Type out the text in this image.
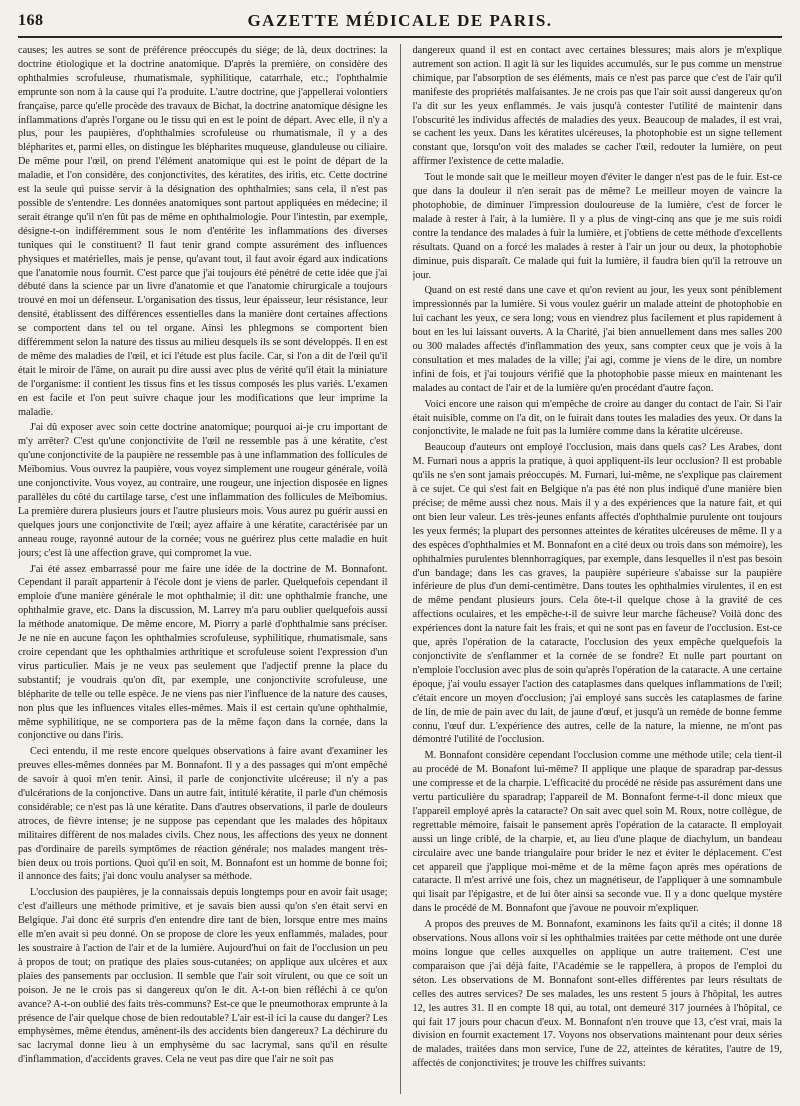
168	GAZETTE MÉDICALE DE PARIS.

causes; les autres se sont de préférence préoccupés du siége; de là, deux doctrines: la doctrine étiologique et la doctrine anatomique. D'après la première, on considère des ophthalmies scrofuleuse, rhumatismale, syphilitique, catarrhale, etc.; l'ophthalmie emprunte son nom à la cause qui l'a produite. L'autre doctrine, que j'appellerai volontiers française, parce qu'elle procède des travaux de Bichat, la doctrine anatomique désigne les inflammations d'après l'organe ou le tissu qui en est le point de départ. Avec elle, il n'y a plus, pour les paupières, d'ophthalmies scrofuleuse ou rhumatismale, il y a des blépharites et, parmi elles, on distingue les blépharites muqueuse, glanduleuse ou ciliaire. De même pour l'œil, on prend l'élément anatomique qui est le point de départ de la maladie, et l'on considère, des conjonctivites, des kératites, des iritis, etc. Cette doctrine est la seule qui puisse servir à la désignation des ophthalmies; sans cela, il n'est pas possible de s'entendre. Les données anatomiques sont partout appliquées en médecine; il serait étrange qu'il n'en fût pas de même en ophthalmologie. Pour l'intestin, par exemple, désigne-t-on indifféremment sous le nom d'entérite les inflammations des diverses tuniques qui le constituent? Il faut tenir grand compte assurément des influences physiques et matérielles, mais je pense, qu'avant tout, il faut avoir égard aux indications que l'anatomie nous fournit. C'est parce que j'ai toujours été pénétré de cette idée que j'ai débuté dans la science par un livre d'anatomie et que l'anatomie chirurgicale a toujours trouvé en moi un défenseur. L'organisation des tissus, leur épaisseur, leur résistance, leur densité, établissent des différences essentielles dans la manière dont certaines affections se comportent dans tel ou tel organe. Ainsi les phlegmons se comportent bien différemment selon la nature des tissus au milieu desquels ils se sont développés. Il en est de même des maladies de l'œil, et ici l'étude est plus facile. Car, si l'on a dit de l'œil qu'il était le miroir de l'âme, on aurait pu dire aussi avec plus de vérité qu'il était la miniature de l'organisme: il contient les tissus fins et les tissus composés les plus variés. L'examen en est facile et l'on peut suivre chaque jour les modifications que leur imprime la maladie.

J'ai dû exposer avec soin cette doctrine anatomique; pourquoi ai-je cru important de m'y arrêter? C'est qu'une conjonctivite de l'œil ne ressemble pas à une kératite, c'est qu'une conjonctivite de la paupière ne ressemble pas à une inflammation des follicules de Meïbomius. Vous ouvrez la paupière, vous voyez simplement une rougeur générale, voilà une conjonctivite. Vous voyez, au contraire, une rougeur, une injection disposée en lignes parallèles du côté du cartilage tarse, c'est une inflammation des follicules de Meïbomius. La première durera plusieurs jours et l'autre plusieurs mois. Vous aurez pu guérir aussi en quelques jours une conjonctivite de l'œil; ayez affaire à une kératite, caractérisée par un anneau rouge, rayonné autour de la cornée; vous ne guérirez plus cette maladie en huit jours; c'est là une affection grave, qui compromet la vue.

J'ai été assez embarrassé pour me faire une idée de la doctrine de M. Bonnafont. Cependant il paraît appartenir à l'école dont je viens de parler. Quelquefois cependant il emploie d'une manière générale le mot ophthalmie; il dit: une ophthalmie franche, une ophthalmie grave, etc. Dans la discussion, M. Larrey m'a paru oublier quelquefois aussi la méthode anatomique. De même encore, M. Piorry a parlé d'ophthalmie sans préciser. Je ne nie en aucune façon les ophthalmies scrofuleuse, syphilitique, rhumatismale, sans croire cependant que les ophthalmies arthritique et scrofuleuse soient l'expression d'un virus particulier. Mais je ne veux pas seulement que l'adjectif prenne la place du substantif; je voudrais qu'on dît, par exemple, une conjonctivite scrofuleuse, une blépharite de telle ou telle espèce. Je ne viens pas nier l'influence de la nature des causes, non plus que les influences vitales elles-mêmes. Mais il est certain qu'une ophthalmie, même syphilitique, ne se comportera pas de la même façon dans la cornée, dans la conjonctive ou dans l'iris.

Ceci entendu, il me reste encore quelques observations à faire avant d'examiner les preuves elles-mêmes données par M. Bonnafont. Il y a des passages qui m'ont empêché de savoir à quoi m'en tenir. Ainsi, il parle de conjonctivite ulcéreuse; il n'y a pas d'ulcérations de la conjonctive. Dans un autre fait, intitulé kératite, il parle d'un chémosis considérable; ce n'est pas là une kératite. Dans d'autres observations, il parle de douleurs atroces, de fièvre intense; je ne suppose pas cependant que les malades des hôpitaux militaires diffèrent de nos malades civils. Chez nous, les affections des yeux ne donnent pas d'ordinaire de pareils symptômes de réaction générale; nos malades mangent très-bien deux ou trois portions. Quoi qu'il en soit, M. Bonnafont est un homme de bonne foi; il annonce des faits; j'ai donc voulu analyser sa méthode.

L'occlusion des paupières, je la connaissais depuis longtemps pour en avoir fait usage; c'est d'ailleurs une méthode primitive, et je savais bien aussi qu'on s'en était servi en Belgique. J'ai donc été surpris d'en entendre dire tant de bien, lorsque entre mes mains elle m'en avait si peu donné. On se propose de clore les yeux enflammés, malades, pour les soustraire à l'action de l'air et de la lumière. Aujourd'hui on fait de l'occlusion un peu à propos de tout; on pratique des plaies sous-cutanées; on applique aux ulcères et aux plaies des pansements par occlusion. Il semble que l'air soit virulent, ou que ce soit un poison. Je ne le crois pas si dangereux qu'on le dit. A-t-on bien réfléchi à ce qu'on avance? A-t-on oublié des faits très-communs? Est-ce que le pneumothorax emprunte à la présence de l'air quelque chose de bien redoutable? L'air est-il ici la cause du danger? Les emphysèmes, même étendus, amènent-ils des accidents bien dangereux? La déchirure du sac lacrymal donne lieu à un emphysème du sac lacrymal, sans qu'il en résulte d'inflammation, d'accidents graves. Cela ne veut pas dire que l'air ne soit pas

dangereux quand il est en contact avec certaines blessures; mais alors je m'explique autrement son action. Il agit là sur les liquides accumulés, sur le pus comme un menstrue chimique, par l'absorption de ses éléments, mais ce n'est pas parce que c'est de l'air qu'il manifeste des propriétés malfaisantes. Je ne crois pas que l'air soit aussi dangereux qu'on l'a dit sur les yeux enflammés. Je vais jusqu'à contester l'utilité de maintenir dans l'obscurité les individus affectés de maladies des yeux. Beaucoup de malades, il est vrai, se cachent les yeux. Dans les kératites ulcéreuses, la photophobie est un signe tellement constant que, lorsqu'on voit des malades se cacher l'œil, redouter la lumière, on peut affirmer l'existence de cette maladie.

Tout le monde sait que le meilleur moyen d'éviter le danger n'est pas de le fuir. Est-ce que dans la douleur il n'en serait pas de même? Le meilleur moyen de vaincre la photophobie, de diminuer l'impression douloureuse de la lumière, c'est de forcer le malade à rester à l'air, à la lumière. Il y a plus de vingt-cinq ans que je me suis roidi contre la tendance des malades à fuir la lumière, et j'obtiens de cette méthode d'excellents résultats. Quand on a forcé les malades à rester à l'air un jour ou deux, la photophobie diminue, puis disparaît. Ce malade qui fuit la lumière, il faudra bien qu'il la retrouve un jour.

Quand on est resté dans une cave et qu'on revient au jour, les yeux sont péniblement impressionnés par la lumière. Si vous voulez guérir un malade atteint de photophobie en lui cachant les yeux, ce sera long; vous en viendrez plus facilement et plus rapidement à bout en les lui laissant ouverts. A la Charité, j'ai bien annuellement dans mes salles 200 ou 300 malades affectés d'inflammation des yeux, sans compter ceux que je vois à la consultation et mes malades de la ville; j'ai agi, comme je viens de le dire, un nombre infini de fois, et j'ai toujours vérifié que la photophobie passe mieux en maintenant les malades au contact de l'air et de la lumière qu'en procédant d'autre façon.

Voici encore une raison qui m'empêche de croire au danger du contact de l'air. Si l'air était nuisible, comme on l'a dit, on le fuirait dans toutes les maladies des yeux. Or dans la conjonctivite, le malade ne fuit pas la lumière comme dans la kératite ulcéreuse.

Beaucoup d'auteurs ont employé l'occlusion, mais dans quels cas? Les Arabes, dont M. Furnari nous a appris la pratique, à quoi appliquent-ils leur occlusion? Il est probable qu'ils ne s'en sont jamais préoccupés. M. Furnari, lui-même, ne s'explique pas clairement à ce sujet. Ce qui s'est fait en Belgique n'a pas été non plus indiqué d'une manière bien précise; de même aussi chez nous. Mais il y a des expériences que la nature fait, et qui ont bien leur valeur. Les très-jeunes enfants affectés d'ophthalmie purulente ont toujours les yeux fermés; la plupart des personnes atteintes de kératites ulcéreuses de même. Il y a des espèces d'ophthalmies et M. Bonnafont en a cité deux ou trois dans son mémoire), les ophthalmies purulentes blennhorragiques, par exemple, dans lesquelles il n'est pas besoin d'un bandage; dans les cas graves, la paupière supérieure s'abaisse sur la paupière inférieure de plus d'un demi-centimètre. Dans toutes les ophthalmies virulentes, il en est de même pendant plusieurs jours. Cela ôte-t-il quelque chose à la gravité de ces affections oculaires, et les empêche-t-il de suivre leur marche fâcheuse? Voilà donc des expériences dont la nature fait les frais, et qui ne sont pas en faveur de l'occlusion. Est-ce que, après l'opération de la cataracte, l'occlusion des yeux empêche quelquefois la conjonctivite de s'enflammer et la cornée de se fondre? Et nulle part pourtant on n'emploie l'occlusion avec plus de soin qu'après l'opération de la cataracte. A une certaine époque, j'ai voulu essayer l'action des cataplasmes dans quelques inflammations de l'œil; c'était encore un moyen d'occlusion; j'ai employé sans succès les cataplasmes de farine de lin, de mie de pain avec du lait, de jaune d'œuf, et jusqu'à un remède de bonne femme connu, l'œuf dur. L'expérience des autres, celle de la nature, la mienne, ne m'ont pas démontré l'utilité de l'occlusion.

M. Bonnafont considère cependant l'occlusion comme une méthode utile; cela tient-il au procédé de M. Bonafont lui-même? Il applique une plaque de sparadrap par-dessus une compresse et de la charpie. L'efficacité du procédé ne réside pas assurément dans une vertu particulière du sparadrap; l'appareil de M. Bonnafont ferme-t-il donc mieux que l'appareil employé après la cataracte? On sait avec quel soin M. Roux, notre collègue, de regrettable mémoire, faisait le pansement après l'opération de la cataracte. Il employait aussi un linge criblé, de la charpie, et, au lieu d'une plaque de diachylum, un bandeau circulaire avec une bande triangulaire pour brider le nez et éviter le déplacement. C'est cet appareil que j'applique moi-même et de la même façon après mes opérations de cataracte. Il m'est arrivé une fois, chez un magnétiseur, de l'appliquer à une somnambule qui lisait par l'épigastre, et de lui ôter ainsi sa seconde vue. Il y a donc quelque mystère dans le procédé de M. Bonnafont que j'avoue ne pouvoir m'expliquer.

A propos des preuves de M. Bonnafont, examinons les faits qu'il a cités; il donne 18 observations. Nous allons voir si les ophthalmies traitées par cette méthode ont une durée moins longue que celles auxquelles on applique un autre traitement. C'est une comparaison que j'ai déjà faite, l'Académie se le rappellera, à propos de l'emploi du séton. Les observations de M. Bonnafont sont-elles différentes par leurs résultats de celles des autres services? De ses malades, les uns restent 5 jours à l'hôpital, les autres 12, les autres 31. Il en compte 18 qui, au total, ont demeuré 317 journées à l'hôpital, ce qui fait 17 jours pour chacun d'eux. M. Bonnafont n'en trouve que 13, c'est vrai, mais la division en fournit exactement 17. Voyons nos observations maintenant pour deux séries de malades, traitées dans mon service, l'une de 22, atteintes de kératites, l'autre de 19, affectés de conjonctivites; je trouve les chiffres suivants:
